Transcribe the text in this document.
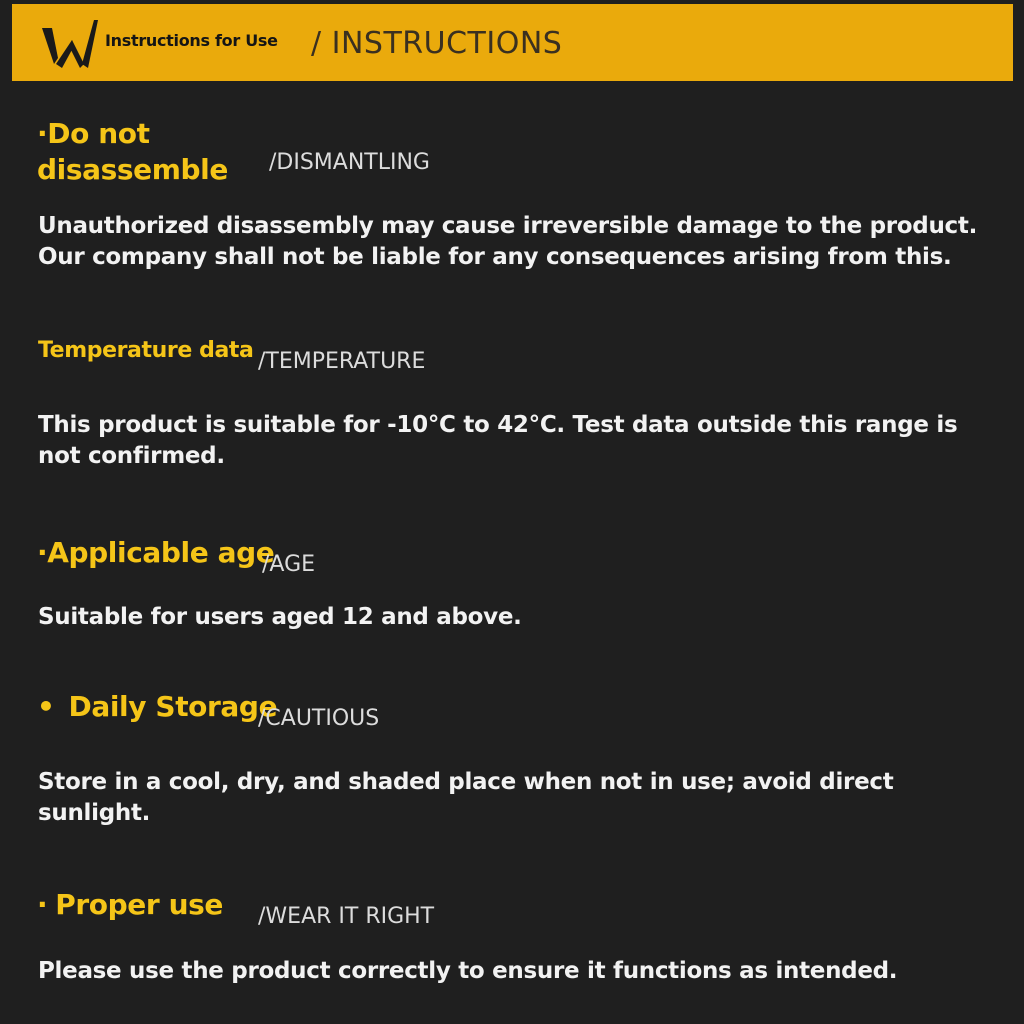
Instructions for Use / INSTRUCTIONS
·Do not disassemble	/DISMANTLING
Unauthorized disassembly may cause irreversible damage to the product. Our company shall not be liable for any consequences arising from this.
Temperature data /TEMPERATURE
This product is suitable for -10°C to 42°C. Test data outside this range is not confirmed.
·Applicable age
/AGE
Suitable for users aged 12 and above.
• Daily Storage
/CAUTIOUS
Store in a cool, dry, and shaded place when not in use; avoid direct sunlight.
· Proper use /WEAR IT RIGHT
Please use the product correctly to ensure it functions as intended.
